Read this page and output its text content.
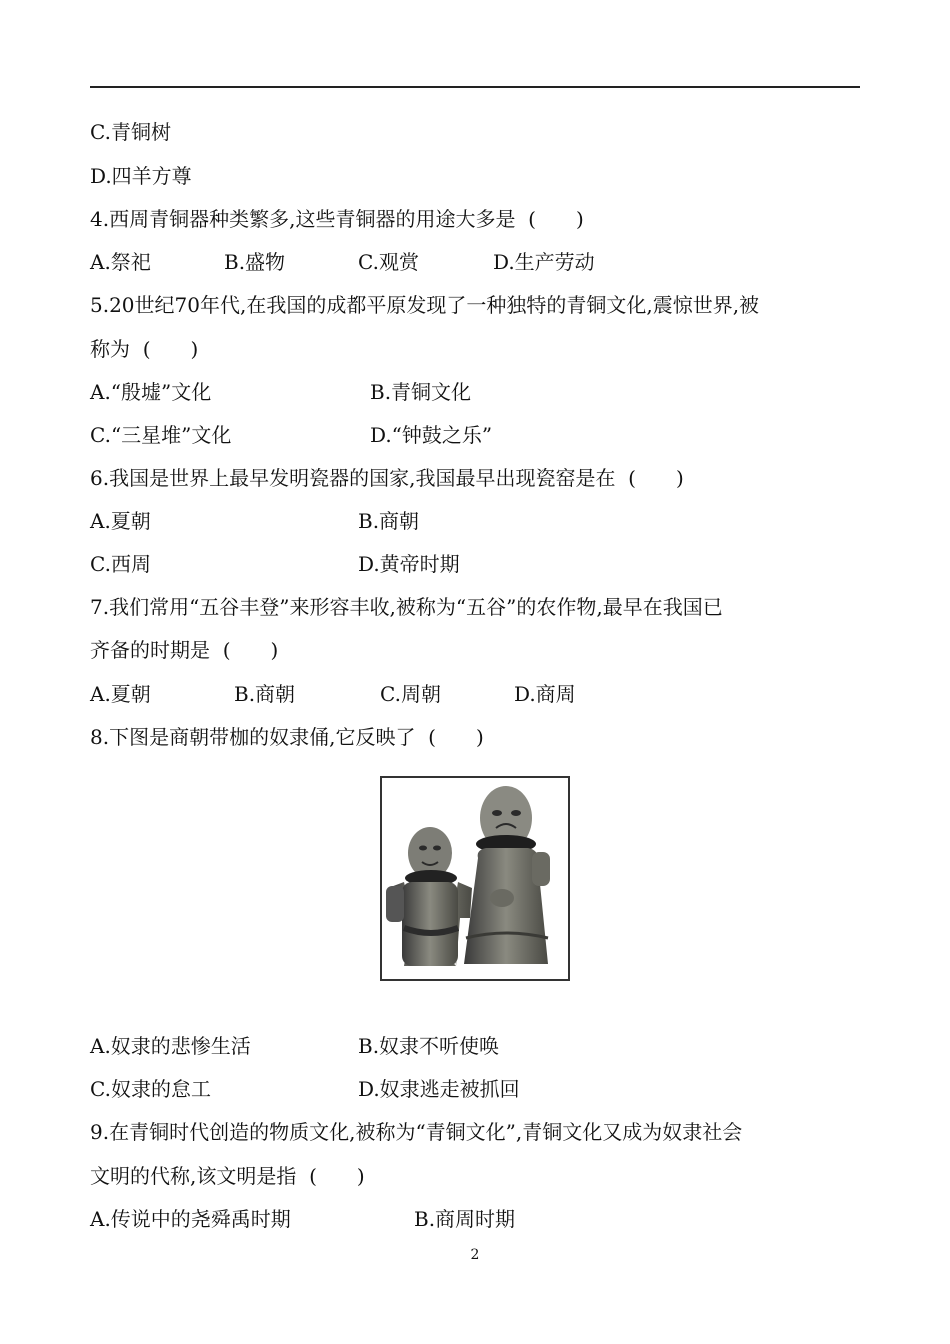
C.青铜树
D.四羊方尊
4.西周青铜器种类繁多,这些青铜器的用途大多是  (　　)
A.祭祀	B.盛物	C.观赏	D.生产劳动
5.20世纪70年代,在我国的成都平原发现了一种独特的青铜文化,震惊世界,被
称为  (　　)
A.“殷墟”文化	B.青铜文化
C.“三星堆”文化	D.“钟鼓之乐”
6.我国是世界上最早发明瓷器的国家,我国最早出现瓷窑是在  (　　)
A.夏朝	B.商朝
C.西周	D.黄帝时期
7.我们常用“五谷丰登”来形容丰收,被称为“五谷”的农作物,最早在我国已
齐备的时期是  (　　)
A.夏朝	B.商朝	C.周朝	D.商周
8.下图是商朝带枷的奴隶俑,它反映了  (　　)
A.奴隶的悲惨生活	B.奴隶不听使唤
C.奴隶的怠工	D.奴隶逃走被抓回
9.在青铜时代创造的物质文化,被称为“青铜文化”,青铜文化又成为奴隶社会
文明的代称,该文明是指  (　　)
A.传说中的尧舜禹时期	B.商周时期
2
